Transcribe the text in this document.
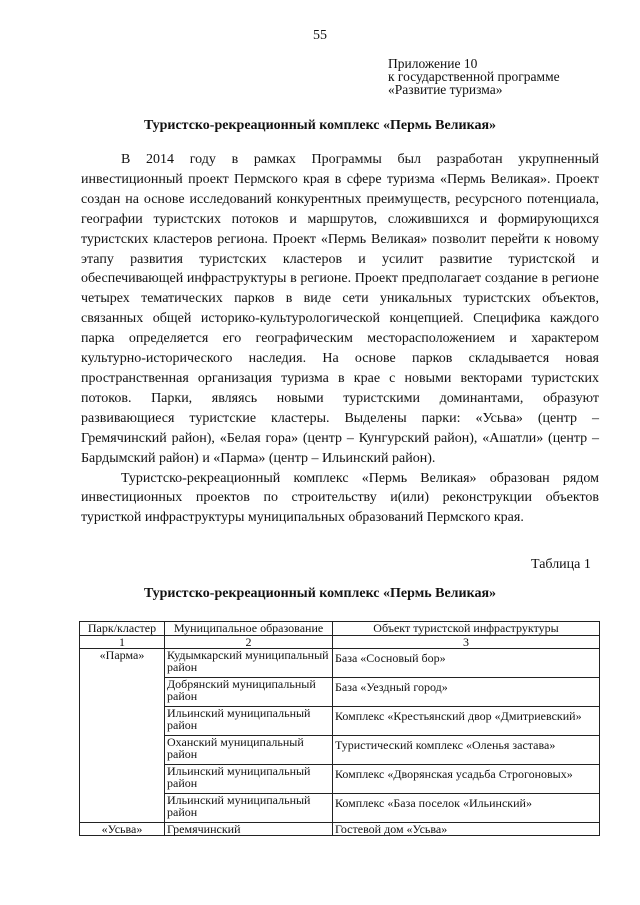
55
Приложение 10
к государственной программе
«Развитие туризма»
Туристско-рекреационный комплекс «Пермь Великая»

В 2014 году в рамках Программы был разработан укрупненный инвестиционный проект Пермского края в сфере туризма «Пермь Великая». Проект создан на основе исследований конкурентных преимуществ, ресурсного потенциала, географии туристских потоков и маршрутов, сложившихся и формирующихся туристских кластеров региона. Проект «Пермь Великая» позволит перейти к новому этапу развития туристских кластеров и усилит развитие туристской и обеспечивающей инфраструктуры в регионе. Проект предполагает создание в регионе четырех тематических парков в виде сети уникальных туристских объектов, связанных общей историко-культурологической концепцией. Специфика каждого парка определяется его географическим месторасположением и характером культурно-исторического наследия. На основе парков складывается новая пространственная организация туризма в крае с новыми векторами туристских потоков. Парки, являясь новыми туристскими доминантами, образуют развивающиеся туристские кластеры. Выделены парки: «Усьва» (центр – Гремячинский район), «Белая гора» (центр – Кунгурский район), «Ашатли» (центр – Бардымский район) и «Парма» (центр – Ильинский район).

Туристско-рекреационный комплекс «Пермь Великая» образован рядом инвестиционных проектов по строительству и(или) реконструкции объектов туристкой инфраструктуры муниципальных образований Пермского края.

Таблица 1
Туристско-рекреационный комплекс «Пермь Великая»
Парк/кластер	Муниципальное образование	Объект туристской инфраструктуры
1	2	3
«Парма»	Кудымкарский муниципальный район	База «Сосновый бор»
	Добрянский муниципальный район	База «Уездный город»
	Ильинский муниципальный район	Комплекс «Крестьянский двор «Дмитриевский»
	Оханский муниципальный район	Туристический комплекс «Оленья застава»
	Ильинский муниципальный район	Комплекс «Дворянская усадьба Строгоновых»
	Ильинский муниципальный район	Комплекс «База поселок «Ильинский»
«Усьва»	Гремячинский	Гостевой дом «Усьва»
